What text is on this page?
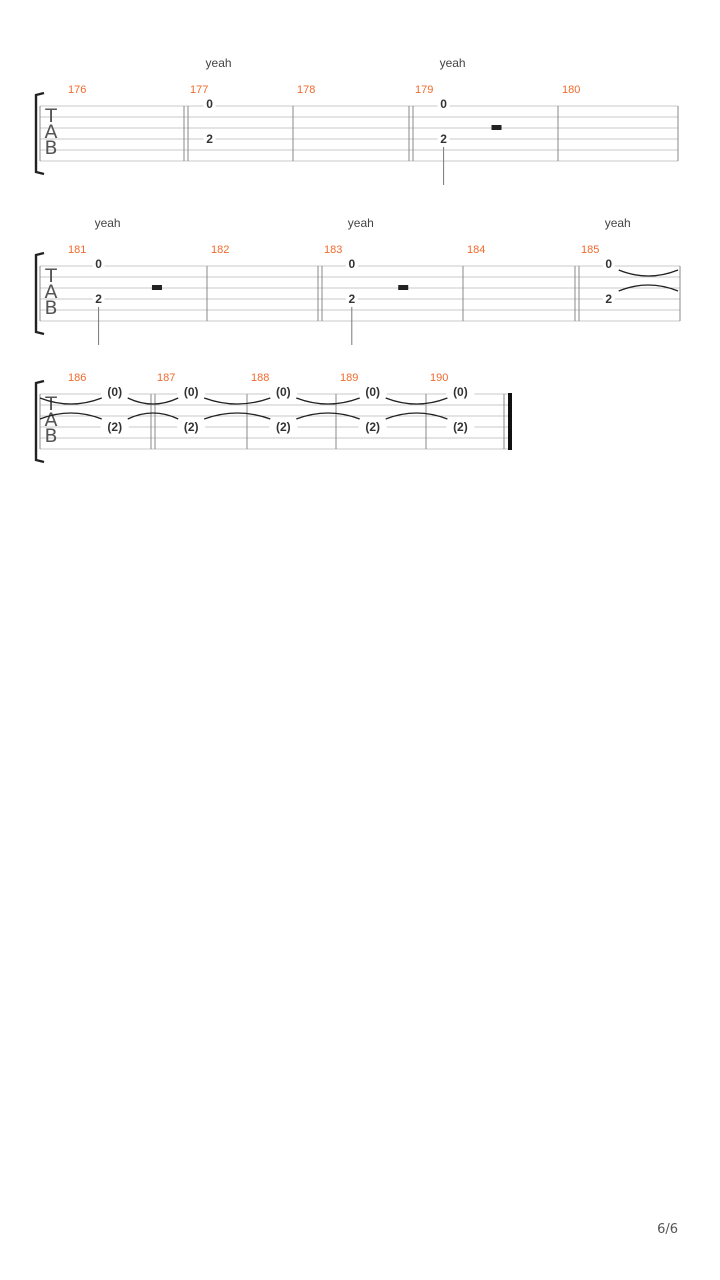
T
A
B
176	177
0
2
yeah
178	179
0
2
yeah
180
T
A
B
181
0
2
yeah
182	183
0
2
yeah
184	185
0
2
yeah
T
A
B
186
(0)
(2)
187
(0)
(2)
188
(0)
(2)
189
(0)
(2)
190
(0)
(2)
6/6
